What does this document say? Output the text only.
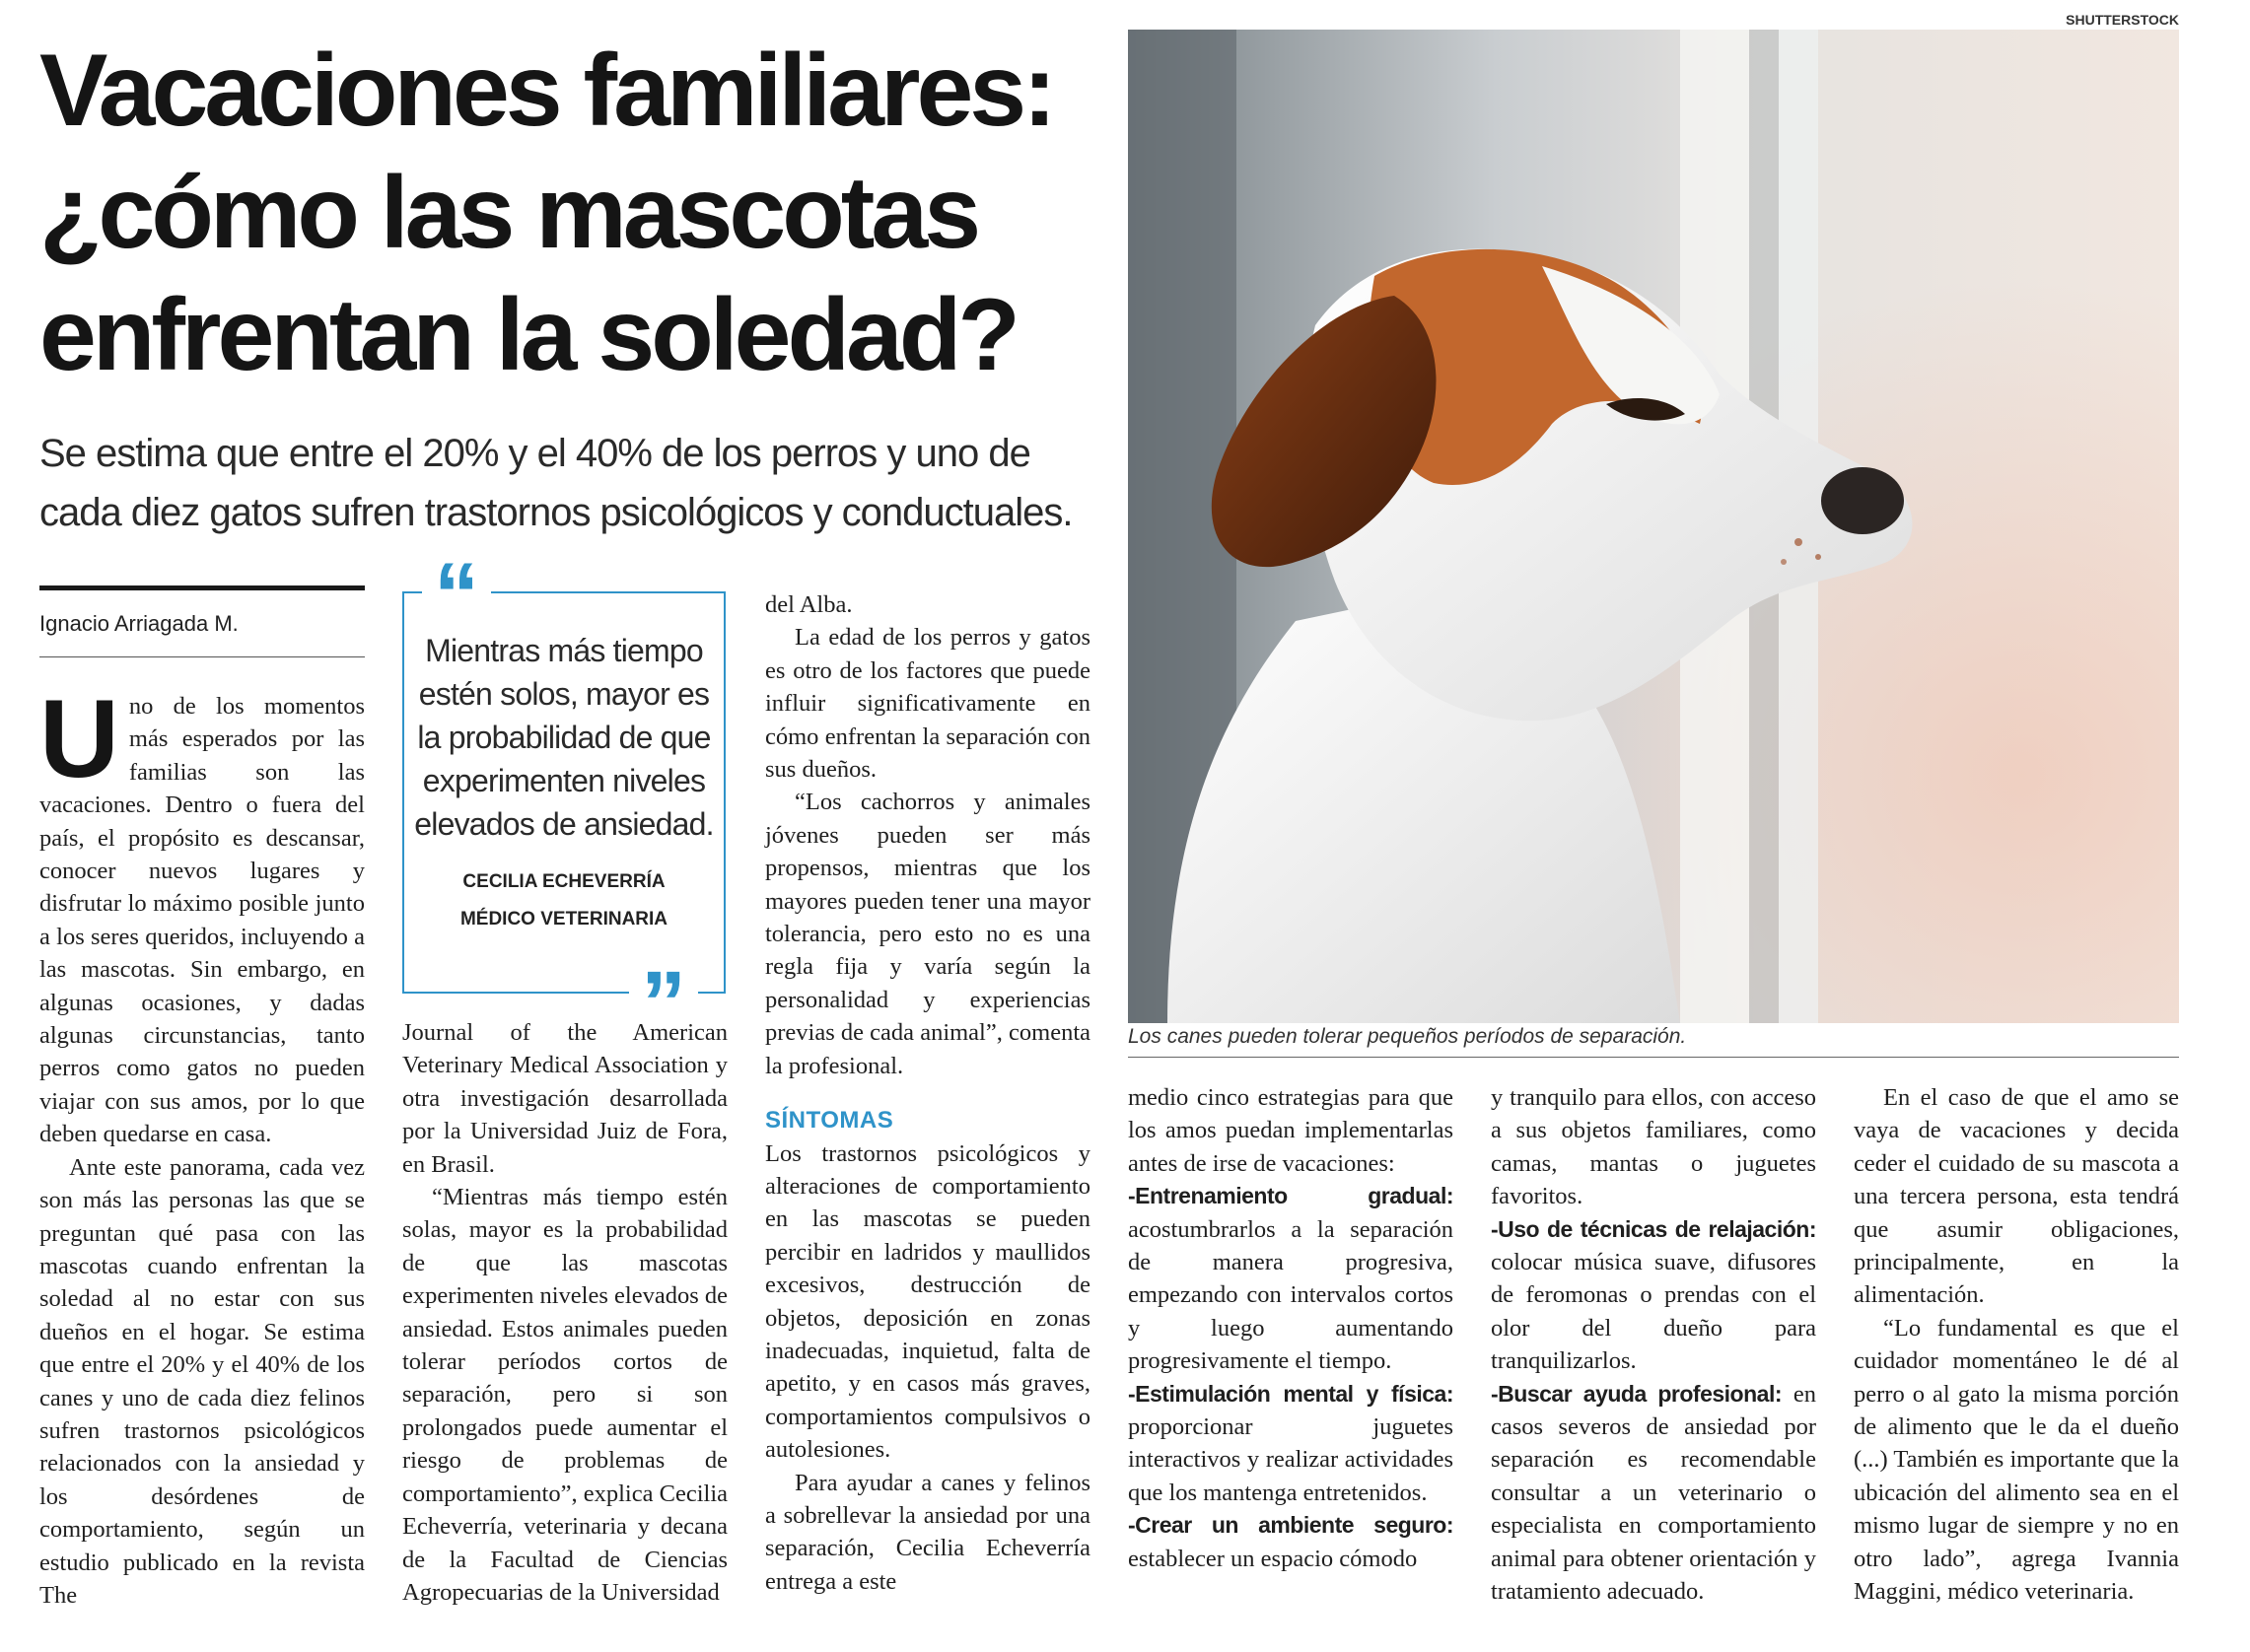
Vacaciones familiares:
¿cómo las mascotas
enfrentan la soledad?

Se estima que entre el 20% y el 40% de los perros y uno de
cada diez gatos sufren trastornos psicológicos y conductuales.

Ignacio Arriagada M.

Uno de los momentos más esperados por las familias son las vacaciones. Dentro o fuera del país, el propósito es descansar, conocer nuevos lugares y disfrutar lo máximo posible junto a los seres queridos, incluyendo a las mascotas. Sin embargo, en algunas ocasiones, y dadas algunas circunstancias, tanto perros como gatos no pueden viajar con sus amos, por lo que deben quedarse en casa.

Ante este panorama, cada vez son más las personas las que se preguntan qué pasa con las mascotas cuando enfrentan la soledad al no estar con sus dueños en el hogar. Se estima que entre el 20% y el 40% de los canes y uno de cada diez felinos sufren trastornos psicológicos relacionados con la ansiedad y los desórdenes de comportamiento, según un estudio publicado en la revista The

“
Mientras más tiempo estén solos, mayor es la probabilidad de que experimenten niveles elevados de ansiedad.
CECILIA ECHEVERRÍA
MÉDICO VETERINARIA
”

Journal of the American Veterinary Medical Association y otra investigación desarrollada por la Universidad Juiz de Fora, en Brasil.

“Mientras más tiempo estén solas, mayor es la probabilidad de que las mascotas experimenten niveles elevados de ansiedad. Estos animales pueden tolerar períodos cortos de separación, pero si son prolongados puede aumentar el riesgo de problemas de comportamiento”, explica Cecilia Echeverría, veterinaria y decana de la Facultad de Ciencias Agropecuarias de la Universidad

del Alba.

La edad de los perros y gatos es otro de los factores que puede influir significativamente en cómo enfrentan la separación con sus dueños.

“Los cachorros y animales jóvenes pueden ser más propensos, mientras que los mayores pueden tener una mayor tolerancia, pero esto no es una regla fija y varía según la personalidad y experiencias previas de cada animal”, comenta la profesional.

SÍNTOMAS

Los trastornos psicológicos y alteraciones de comportamiento en las mascotas se pueden percibir en ladridos y maullidos excesivos, destrucción de objetos, deposición en zonas inadecuadas, inquietud, falta de apetito, y en casos más graves, comportamientos compulsivos o autolesiones.

Para ayudar a canes y felinos a sobrellevar la ansiedad por una separación, Cecilia Echeverría entrega a este

SHUTTERSTOCK
Los canes pueden tolerar pequeños períodos de separación.

medio cinco estrategias para que los amos puedan implementarlas antes de irse de vacaciones:

-Entrenamiento gradual: acostumbrarlos a la separación de manera progresiva, empezando con intervalos cortos y luego aumentando progresivamente el tiempo.

-Estimulación mental y física: proporcionar juguetes interactivos y realizar actividades que los mantenga entretenidos.

-Crear un ambiente seguro: establecer un espacio cómodo

y tranquilo para ellos, con acceso a sus objetos familiares, como camas, mantas o juguetes favoritos.

-Uso de técnicas de relajación: colocar música suave, difusores de feromonas o prendas con el olor del dueño para tranquilizarlos.

-Buscar ayuda profesional: en casos severos de ansiedad por separación es recomendable consultar a un veterinario o especialista en comportamiento animal para obtener orientación y tratamiento adecuado.

En el caso de que el amo se vaya de vacaciones y decida ceder el cuidado de su mascota a una tercera persona, esta tendrá que asumir obligaciones, principalmente, en la alimentación.

“Lo fundamental es que el cuidador momentáneo le dé al perro o al gato la misma porción de alimento que le da el dueño (...) También es importante que la ubicación del alimento sea en el mismo lugar de siempre y no en otro lado”, agrega Ivannia Maggini, médico veterinaria.
